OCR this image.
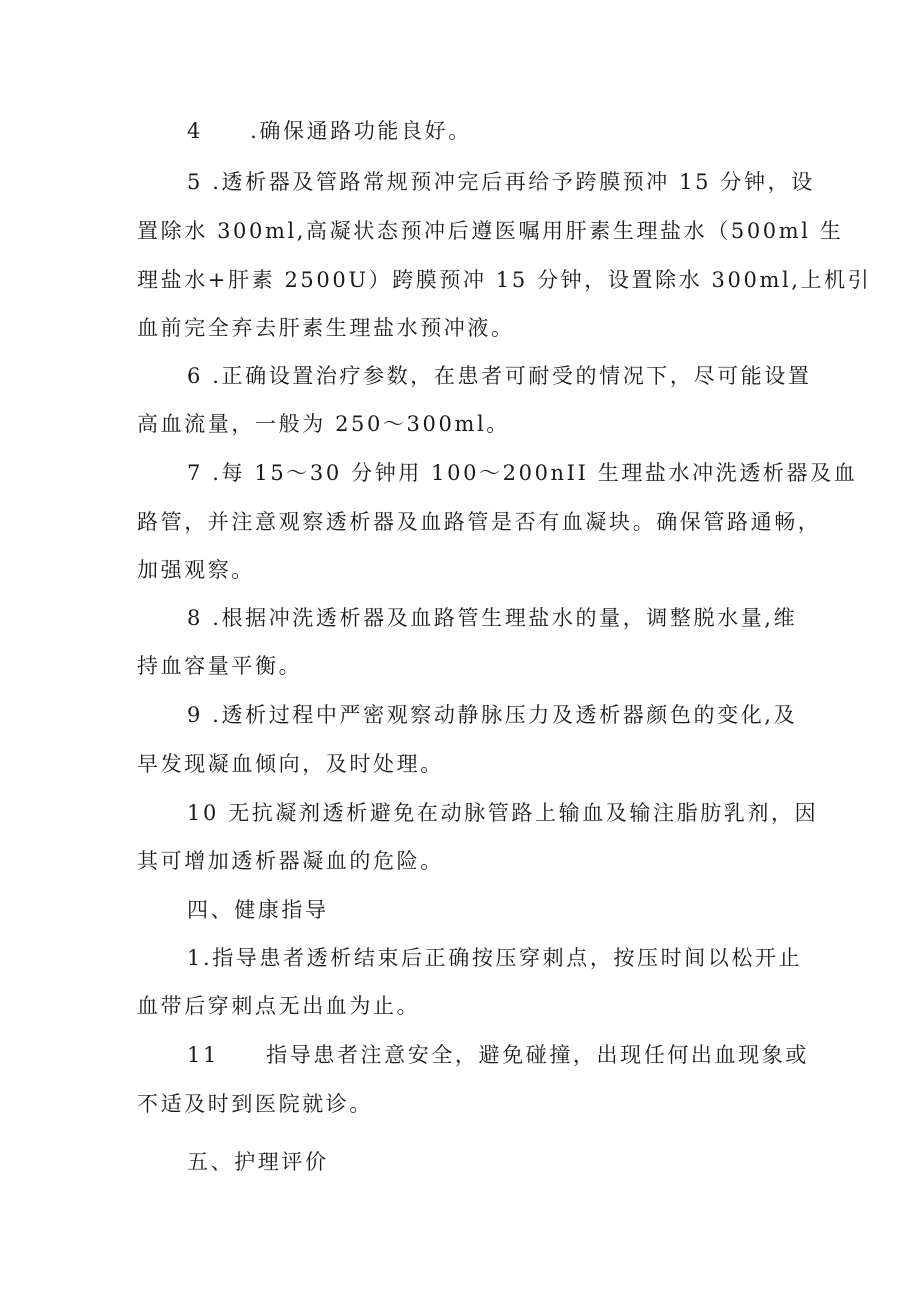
4　　.确保通路功能良好。
5 .透析器及管路常规预冲完后再给予跨膜预冲 15 分钟，设
置除水 300ml,高凝状态预冲后遵医嘱用肝素生理盐水（500ml 生
理盐水+肝素 2500U）跨膜预冲 15 分钟，设置除水 300ml,上机引
血前完全弃去肝素生理盐水预冲液。
6 .正确设置治疗参数，在患者可耐受的情况下，尽可能设置
高血流量，一般为 250～300ml。
7 .每 15～30 分钟用 100～200nII 生理盐水冲洗透析器及血
路管，并注意观察透析器及血路管是否有血凝块。确保管路通畅，
加强观察。
8 .根据冲洗透析器及血路管生理盐水的量，调整脱水量,维
持血容量平衡。
9 .透析过程中严密观察动静脉压力及透析器颜色的变化,及
早发现凝血倾向，及时处理。
10 无抗凝剂透析避免在动脉管路上输血及输注脂肪乳剂，因
其可增加透析器凝血的危险。
四、健康指导
1.指导患者透析结束后正确按压穿刺点，按压时间以松开止
血带后穿刺点无出血为止。
11　　指导患者注意安全，避免碰撞，出现任何出血现象或
不适及时到医院就诊。
五、护理评价
